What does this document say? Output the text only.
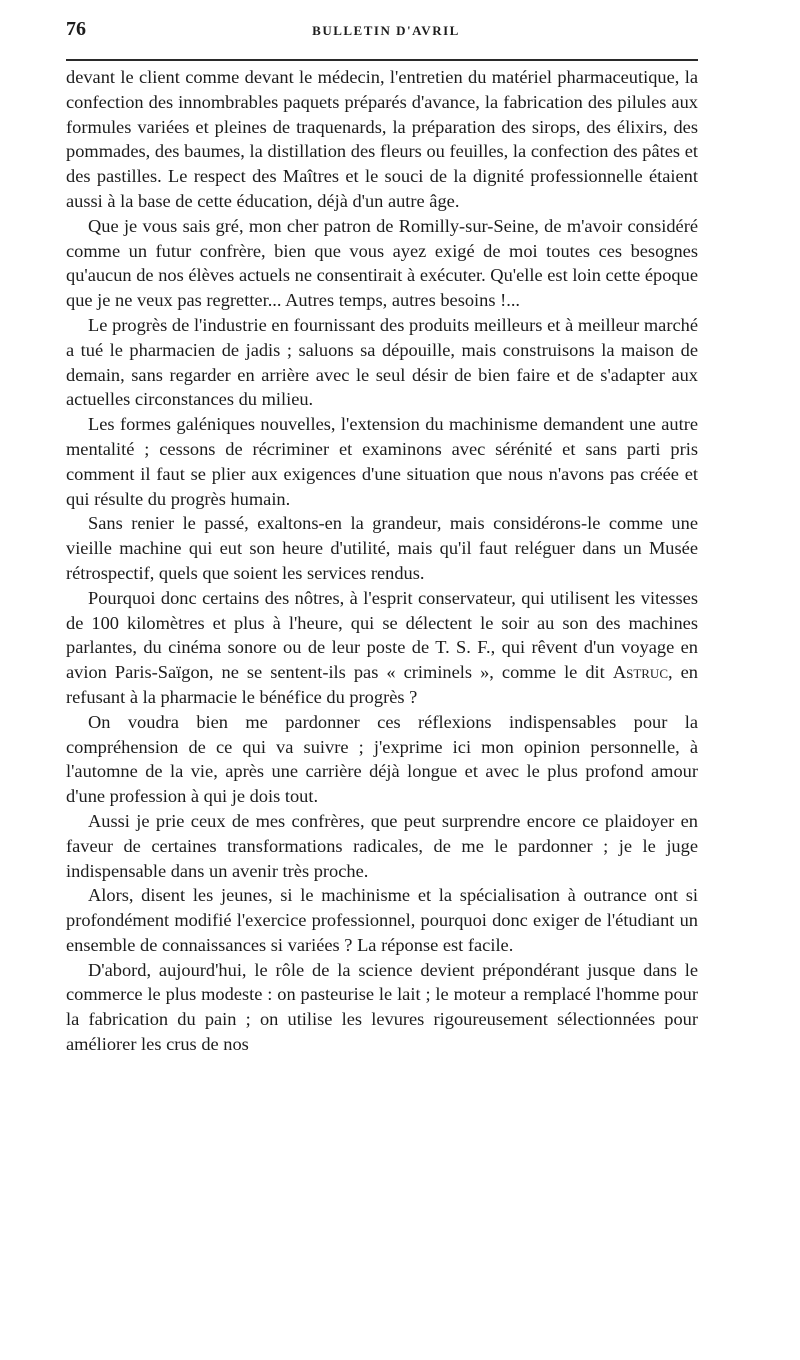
76	BULLETIN D'AVRIL

devant le client comme devant le médecin, l'entretien du matériel pharmaceutique, la confection des innombrables paquets préparés d'avance, la fabrication des pilules aux formules variées et pleines de traquenards, la préparation des sirops, des élixirs, des pommades, des baumes, la distillation des fleurs ou feuilles, la confection des pâtes et des pastilles. Le respect des Maîtres et le souci de la dignité professionnelle étaient aussi à la base de cette éducation, déjà d'un autre âge.

Que je vous sais gré, mon cher patron de Romilly-sur-Seine, de m'avoir considéré comme un futur confrère, bien que vous ayez exigé de moi toutes ces besognes qu'aucun de nos élèves actuels ne consentirait à exécuter. Qu'elle est loin cette époque que je ne veux pas regretter... Autres temps, autres besoins !...

Le progrès de l'industrie en fournissant des produits meilleurs et à meilleur marché a tué le pharmacien de jadis ; saluons sa dépouille, mais construisons la maison de demain, sans regarder en arrière avec le seul désir de bien faire et de s'adapter aux actuelles circonstances du milieu.

Les formes galéniques nouvelles, l'extension du machinisme demandent une autre mentalité ; cessons de récriminer et examinons avec sérénité et sans parti pris comment il faut se plier aux exigences d'une situation que nous n'avons pas créée et qui résulte du progrès humain.

Sans renier le passé, exaltons-en la grandeur, mais considérons-le comme une vieille machine qui eut son heure d'utilité, mais qu'il faut reléguer dans un Musée rétrospectif, quels que soient les services rendus.

Pourquoi donc certains des nôtres, à l'esprit conservateur, qui utilisent les vitesses de 100 kilomètres et plus à l'heure, qui se délectent le soir au son des machines parlantes, du cinéma sonore ou de leur poste de T. S. F., qui rêvent d'un voyage en avion Paris-Saïgon, ne se sentent-ils pas « criminels », comme le dit Astruc, en refusant à la pharmacie le bénéfice du progrès ?

On voudra bien me pardonner ces réflexions indispensables pour la compréhension de ce qui va suivre ; j'exprime ici mon opinion personnelle, à l'automne de la vie, après une carrière déjà longue et avec le plus profond amour d'une profession à qui je dois tout.

Aussi je prie ceux de mes confrères, que peut surprendre encore ce plaidoyer en faveur de certaines transformations radicales, de me le pardonner ; je le juge indispensable dans un avenir très proche.

Alors, disent les jeunes, si le machinisme et la spécialisation à outrance ont si profondément modifié l'exercice professionnel, pourquoi donc exiger de l'étudiant un ensemble de connaissances si variées ? La réponse est facile.

D'abord, aujourd'hui, le rôle de la science devient prépondérant jusque dans le commerce le plus modeste : on pasteurise le lait ; le moteur a remplacé l'homme pour la fabrication du pain ; on utilise les levures rigoureusement sélectionnées pour améliorer les crus de nos
